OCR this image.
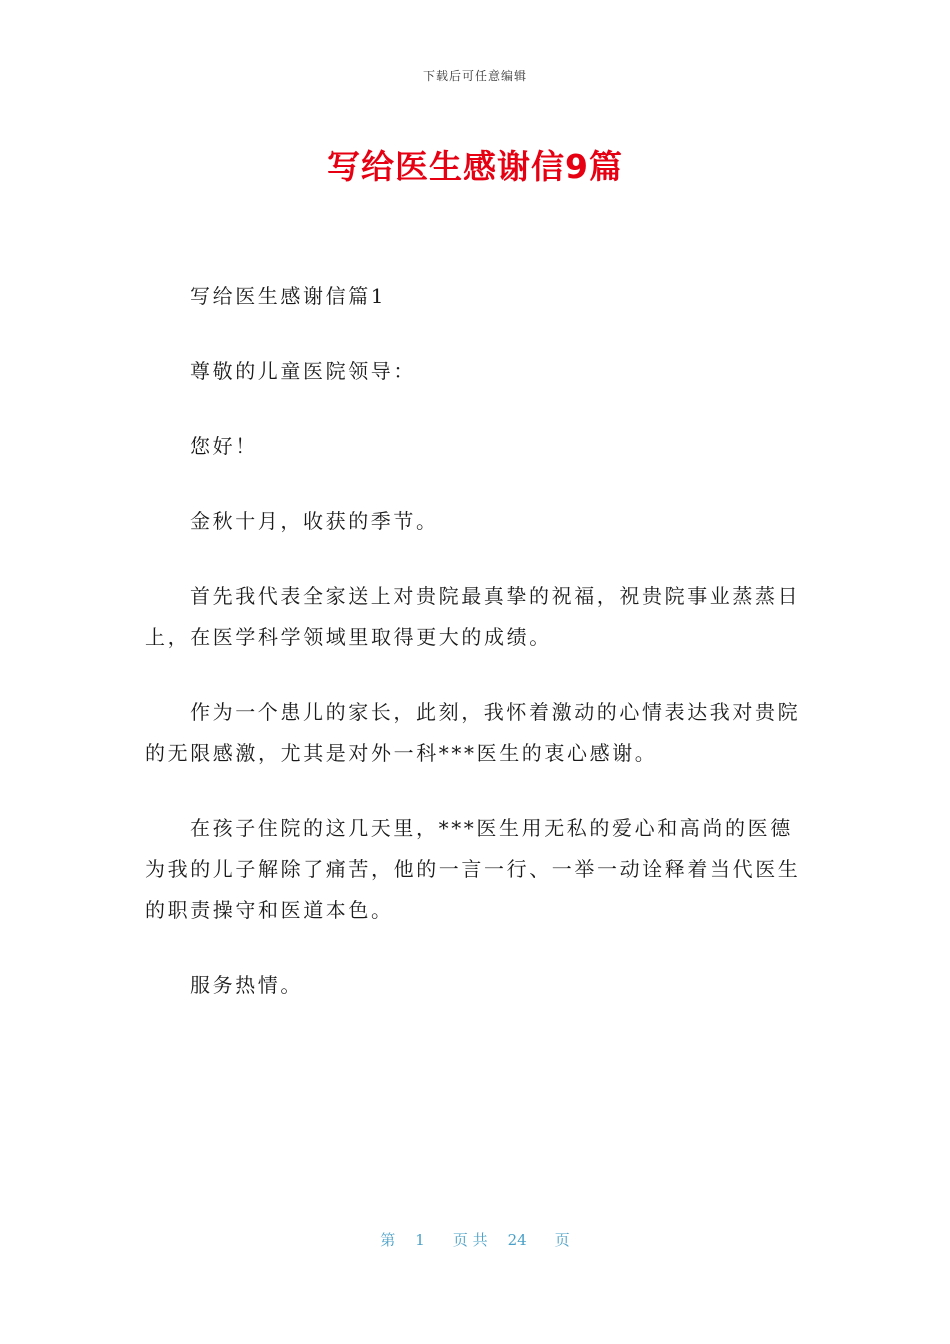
下载后可任意编辑
写给医生感谢信9篇

写给医生感谢信篇1

尊敬的儿童医院领导：

您好！

金秋十月，收获的季节。

首先我代表全家送上对贵院最真挚的祝福，祝贵院事业蒸蒸日上，在医学科学领域里取得更大的成绩。

作为一个患儿的家长，此刻，我怀着激动的心情表达我对贵院的无限感激，尤其是对外一科***医生的衷心感谢。

在孩子住院的这几天里，***医生用无私的爱心和高尚的医德为我的儿子解除了痛苦，他的一言一行、一举一动诠释着当代医生的职责操守和医道本色。

服务热情。

第 1 页 共 24 页
